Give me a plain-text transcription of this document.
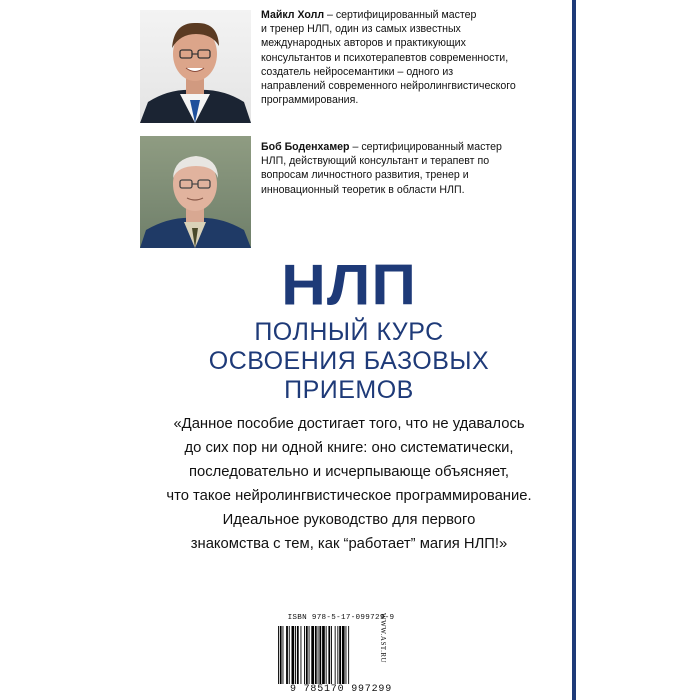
Майкл Холл – сертифицированный мастер
и тренер НЛП, один из самых известных
международных авторов и практикующих
консультантов и психотерапевтов современности,
создатель нейросемантики – одного из
направлений современного нейролингвистического
программирования.
Боб Боденхамер – сертифицированный мастер
НЛП, действующий консультант и терапевт по
вопросам личностного развития, тренер и
инновационный теоретик в области НЛП.
НЛП
ПОЛНЫЙ КУРС
ОСВОЕНИЯ БАЗОВЫХ
ПРИЕМОВ
«Данное пособие достигает того, что не удавалось
до сих пор ни одной книге: оно систематически,
последовательно и исчерпывающе объясняет,
что такое нейролингвистическое программирование.
Идеальное руководство для первого
знакомства с тем, как “работает” магия НЛП!»
ISBN 978-5-17-099729-9
9 785170 997299
WWW.AST.RU
